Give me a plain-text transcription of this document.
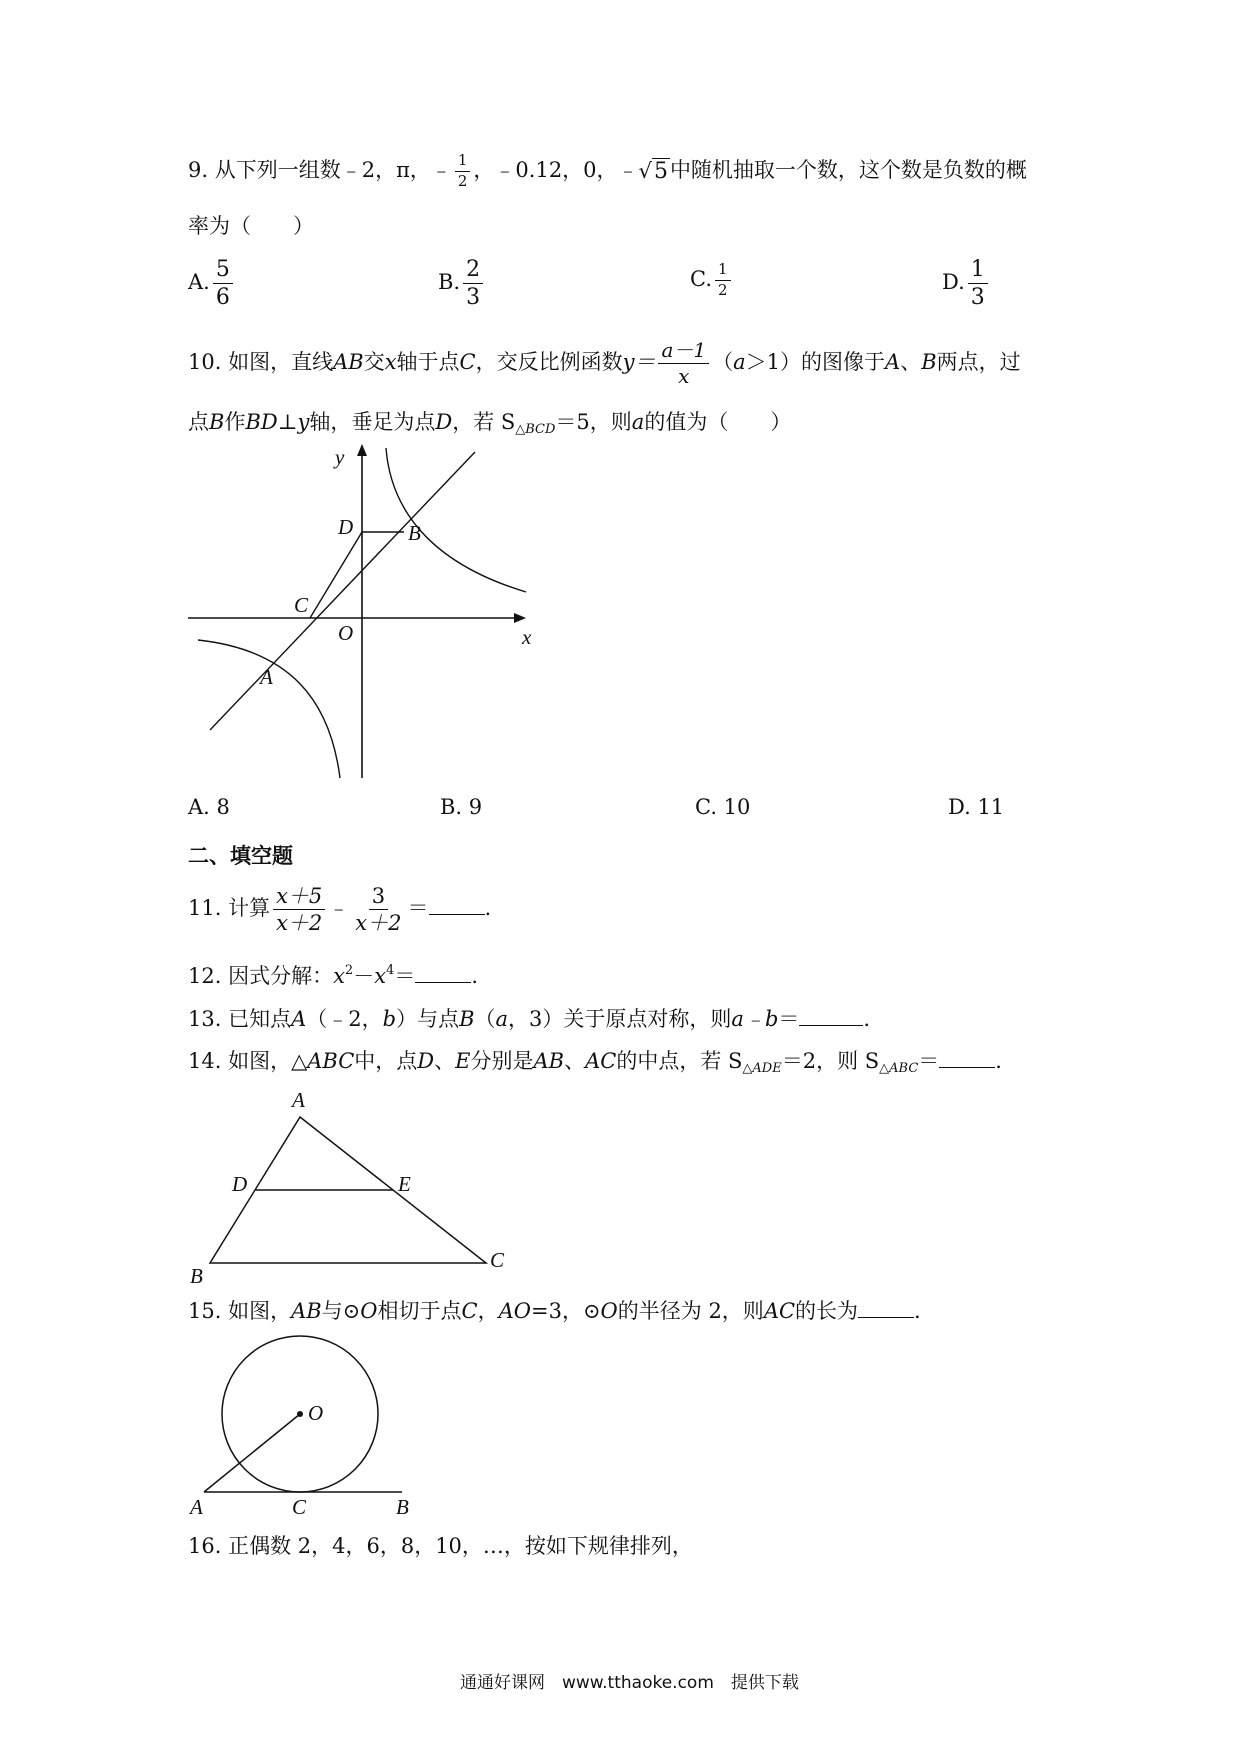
9. 从下列一组数﹣2，π，﹣ $\frac{1}{2}$ ，﹣0.12，0，﹣√5中随机抽取一个数，这个数是负数的概
率为（　　）
A. $\frac{5}{6}$	B. $\frac{2}{3}$	C. $\frac{1}{2}$	D. $\frac{1}{3}$
10. 如图，直线AB交x轴于点C，交反比例函数$y= \frac{a-1}{x} (a>1)$的图像于A、B两点，过
点B作BD⊥y轴，垂足为点D，若 $S_{\triangle BCD}=5$，则a的值为（　　）
y
x
D	B
C
O
A
A. 8	B. 9	C. 10	D. 11
二、填空题
11. 计算 $\frac{x+5}{x+2}$ ﹣ $\frac{3}{x+2}$ ＝	.
12. 因式分解：$x^2-x^4=$	.
13. 已知点A（﹣2，b）与点B（a，3）关于原点对称，则a﹣b＝	.
14. 如图，△ABC中，点D、E分别是AB、AC的中点，若 $S_{\triangle ADE}=2$，则 $S_{\triangle ABC}=$	.
A
D	E
B
C
15. 如图，AB与⊙O相切于点C，AO=3，⊙O的半径为 2，则AC的长为	.
O
A	C	B
16. 正偶数 2，4，6，8，10，…，按如下规律排列，
通通好课网　www.tthaoke.com　提供下载
